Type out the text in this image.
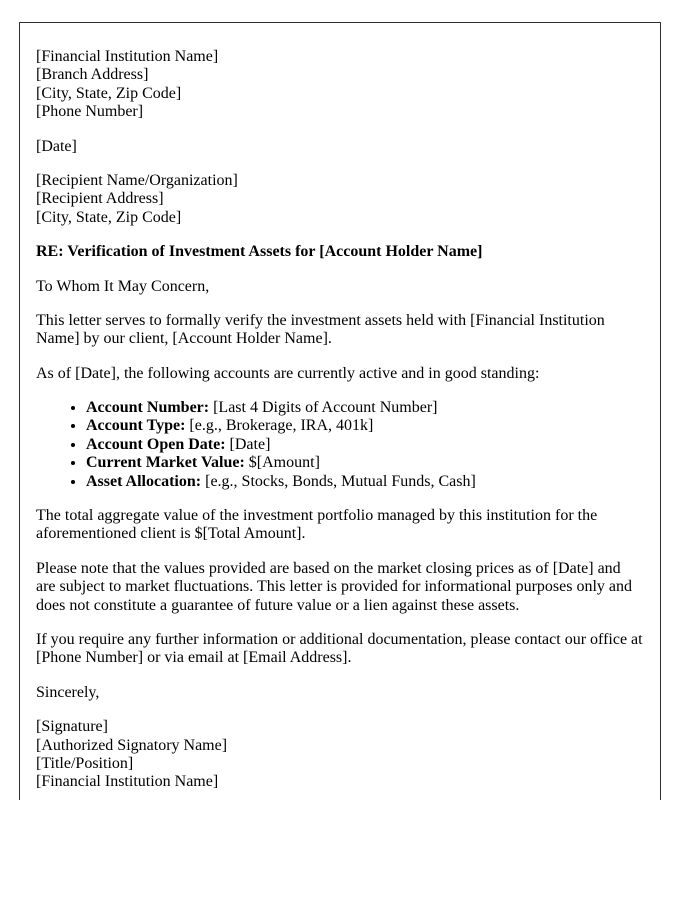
[Financial Institution Name]
[Branch Address]
[City, State, Zip Code]
[Phone Number]

[Date]

[Recipient Name/Organization]
[Recipient Address]
[City, State, Zip Code]

RE: Verification of Investment Assets for [Account Holder Name]

To Whom It May Concern,

This letter serves to formally verify the investment assets held with [Financial Institution Name] by our client, [Account Holder Name].

As of [Date], the following accounts are currently active and in good standing:

• Account Number: [Last 4 Digits of Account Number]
• Account Type: [e.g., Brokerage, IRA, 401k]
• Account Open Date: [Date]
• Current Market Value: $[Amount]
• Asset Allocation: [e.g., Stocks, Bonds, Mutual Funds, Cash]

The total aggregate value of the investment portfolio managed by this institution for the aforementioned client is $[Total Amount].

Please note that the values provided are based on the market closing prices as of [Date] and are subject to market fluctuations. This letter is provided for informational purposes only and does not constitute a guarantee of future value or a lien against these assets.

If you require any further information or additional documentation, please contact our office at [Phone Number] or via email at [Email Address].

Sincerely,

[Signature]
[Authorized Signatory Name]
[Title/Position]
[Financial Institution Name]
